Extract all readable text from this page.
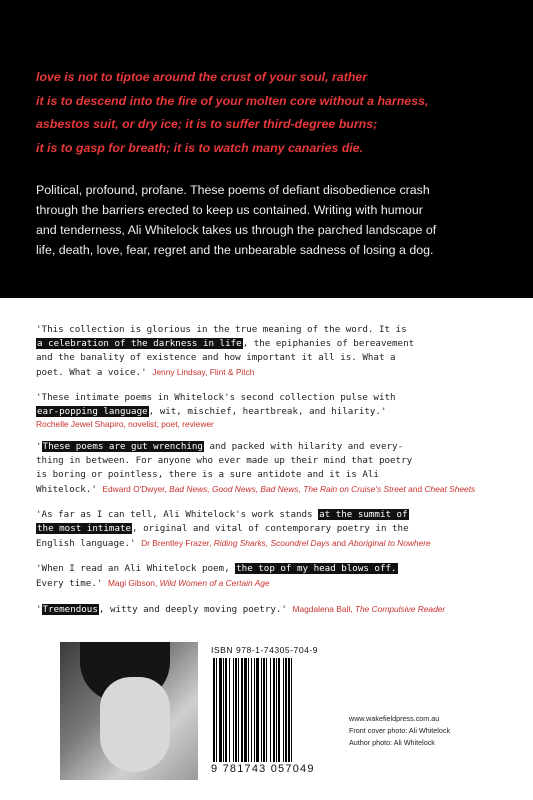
love is not to tiptoe around the crust of your soul, rather
it is to descend into the fire of your molten core without a harness,
asbestos suit, or dry ice; it is to suffer third-degree burns;
it is to gasp for breath; it is to watch many canaries die.
Political, profound, profane. These poems of defiant disobedience crash
through the barriers erected to keep us contained. Writing with humour
and tenderness, Ali Whitelock takes us through the parched landscape of
life, death, love, fear, regret and the unbearable sadness of losing a dog.
'This collection is glorious in the true meaning of the word. It is
a celebration of the darkness in life, the epiphanies of bereavement
and the banality of existence and how important it all is. What a
poet. What a voice.' Jenny Lindsay, Flint & Pitch
'These intimate poems in Whitelock's second collection pulse with
ear-popping language, wit, mischief, heartbreak, and hilarity.'
Rochelle Jewel Shapiro, novelist, poet, reviewer
'These poems are gut wrenching and packed with hilarity and every-
thing in between. For anyone who ever made up their mind that poetry
is boring or pointless, there is a sure antidote and it is Ali
Whitelock.' Edward O'Dwyer, Bad News, Good News, Bad News, The Rain on Cruise's Street and Cheat Sheets
'As far as I can tell, Ali Whitelock's work stands at the summit of
the most intimate, original and vital of contemporary poetry in the
English language.' Dr Brentley Frazer, Riding Sharks, Scoundrel Days and Aboriginal to Nowhere
'When I read an Ali Whitelock poem, the top of my head blows off.
Every time.' Magi Gibson, Wild Women of a Certain Age
'Tremendous, witty and deeply moving poetry.' Magdalena Ball, The Compulsive Reader
ISBN 978-1-74305-704-9
9 781743 057049
www.wakefieldpress.com.au
Front cover photo: Ali Whitelock
Author photo: Ali Whitelock
